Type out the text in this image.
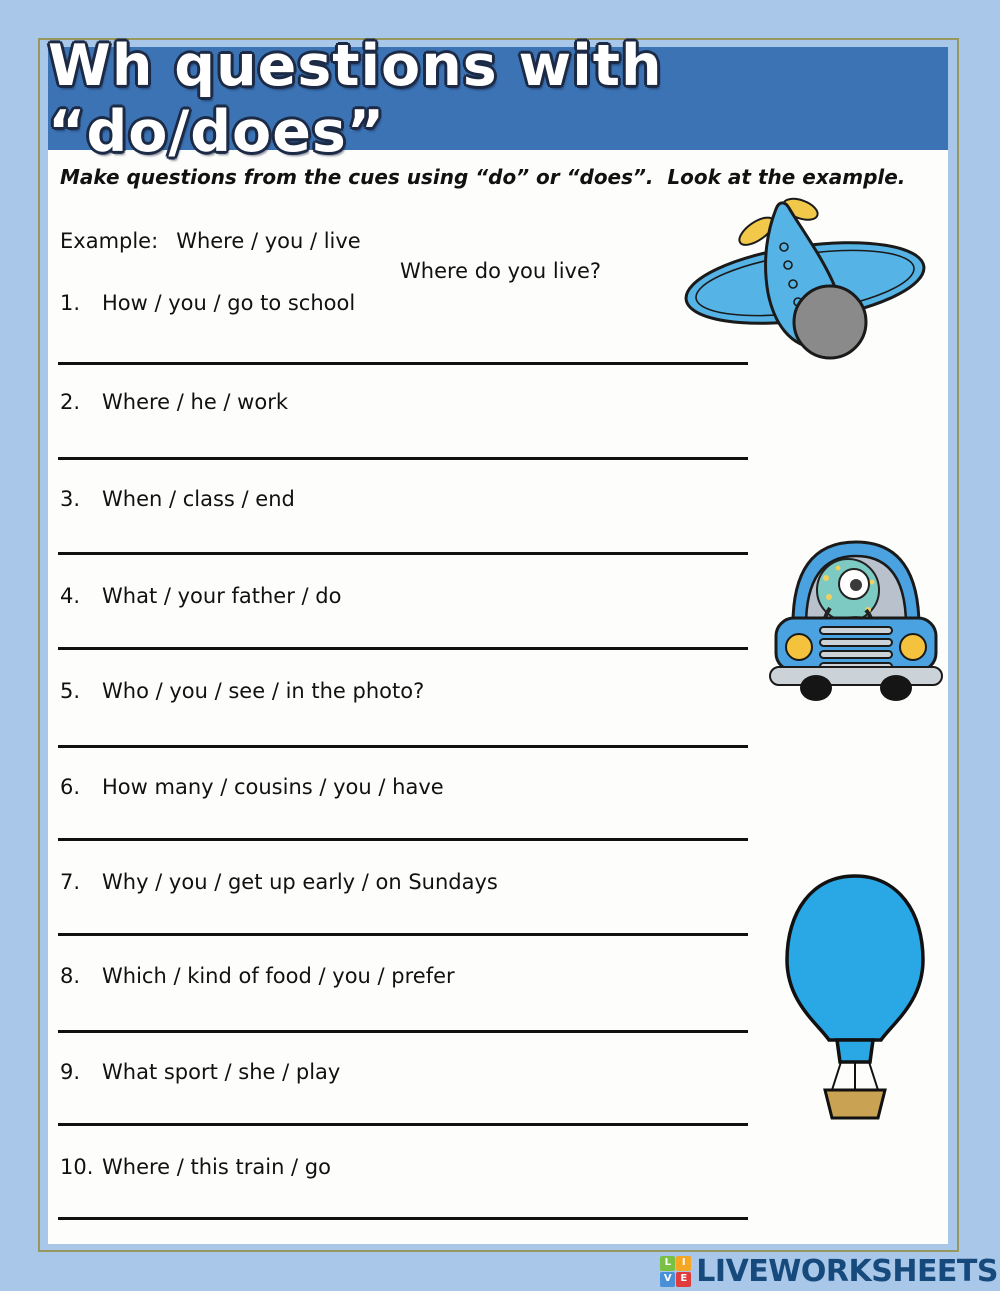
Wh questions with “do/does”
Make questions from the cues using “do” or “does”.  Look at the example.
Example: Where / you / live
Where do you live?
1.	How / you / go to school
2.	Where / he / work
3.	When / class / end
4.	What / your father / do
5.	Who / you / see / in the photo?
6.	How many / cousins / you / have
7.	Why / you / get up early / on Sundays
8.	Which / kind of food / you / prefer
9.	What sport / she / play
10. Where / this train / go
L	I
V E LIVEWORKSHEETS
